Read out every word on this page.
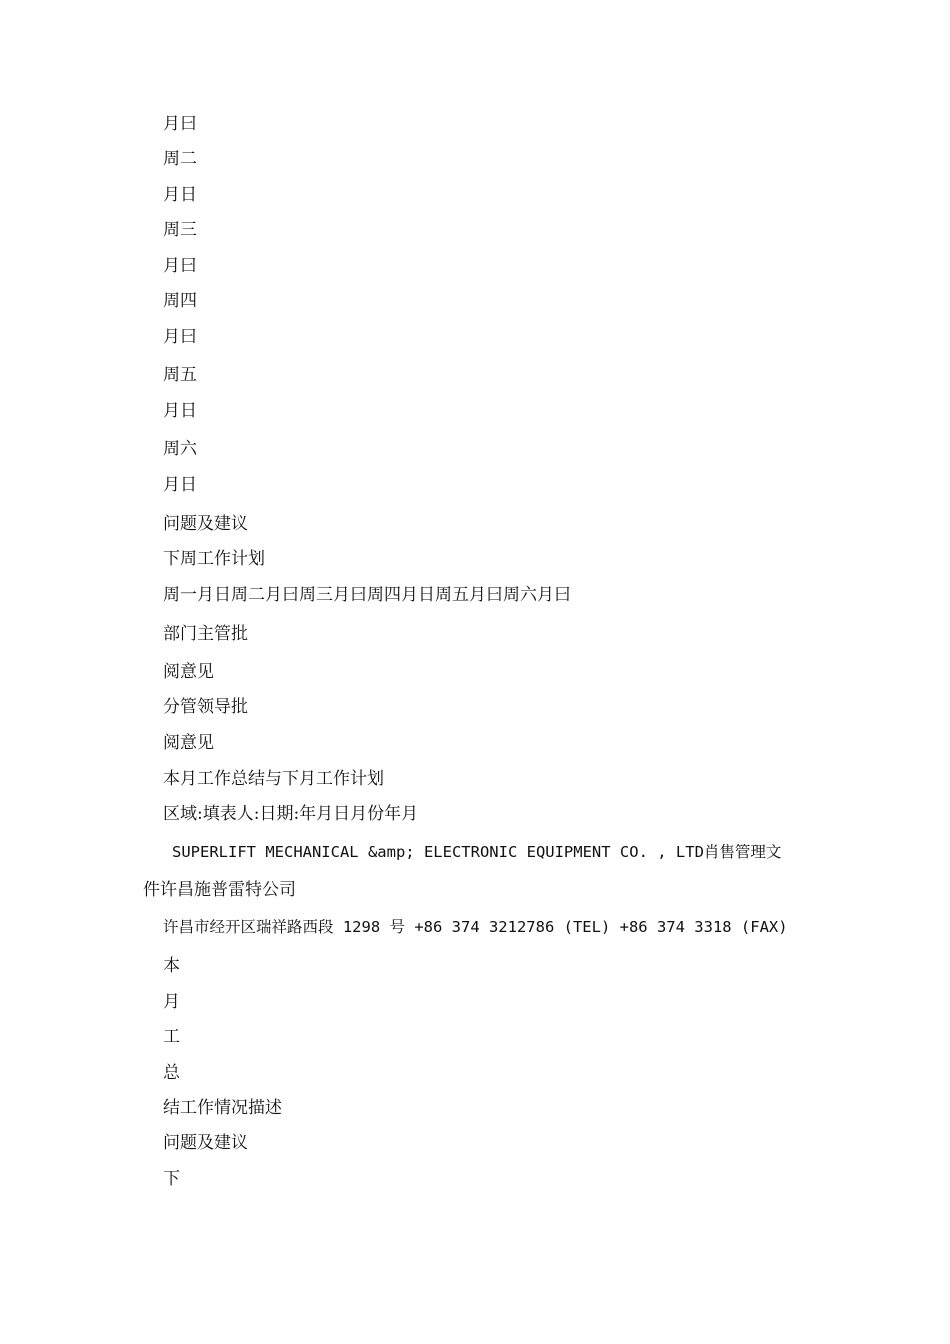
月曰
周二
月日
周三
月曰
周四
月曰
周五
月日
周六
月日
问题及建议
下周工作计划
周一月日周二月曰周三月曰周四月日周五月曰周六月曰
部门主管批
阅意见
分管领导批
阅意见
本月工作总结与下月工作计划
区域:填表人:日期:年月日月份年月
SUPERLIFT MECHANICAL &amp; ELECTRONIC EQUIPMENT CO. , LTD肖售管理文
件许昌施普雷特公司
许昌市经开区瑞祥路西段 1298 号 +86 374 3212786 (TEL) +86 374 3318 (FAX)
本
月
工
总
结工作情况描述
问题及建议
下
